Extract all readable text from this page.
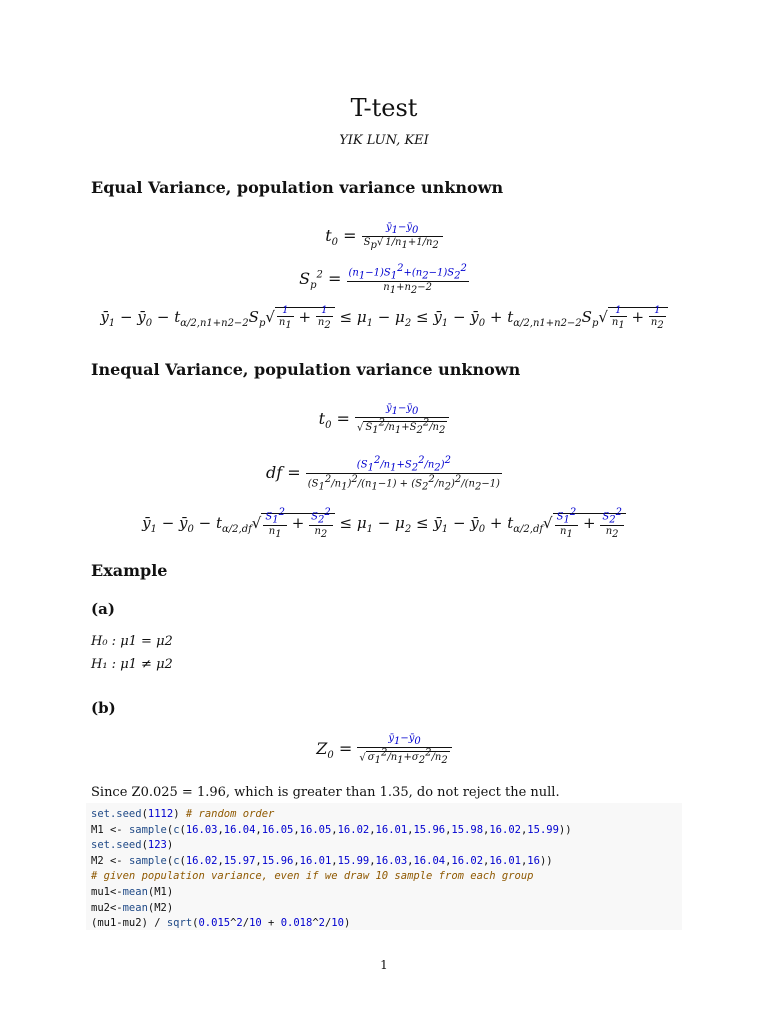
T-test
YIK LUN, KEI
Equal Variance, population variance unknown
$t_0 = \frac{ȳ_1-ȳ_0}{S_p√ 1/n_1+1/n_2}$
$S_p^2 = \frac{(n_1-1)S_1^2+(n_2-1)S_2^2}{n_1+n_2-2}$
$ȳ_1$ − $ȳ_0 - t_{\alpha/2,n1+n2-2}S_p√ \frac{1}{n_1} + \frac{1}{n_2} \le \mu_1 - \mu_2$ ≤ $ȳ_1$ − $ȳ_0 + t_{\alpha/2,n1+n2-2}S_p√ \frac{1}{n_1} + \frac{1}{n_2}$
Inequal Variance, population variance unknown
$t_0 = \frac{ȳ_1-ȳ_0}{√ S_1^2/n_1+S_2^2/n_2}$
df = $\frac{(S_1^2/n_1+S_2^2/n_2)^2}{(S_1^2/n_1)^2/(n_1-1) + (S_2^2/n_2)^2/(n_2-1)}$
$ȳ_1$ − $ȳ_0 - t_{\alpha/2,df}√ \frac{S_1^2}{n_1} + \frac{S_2^2}{n_2} \le \mu_1 - \mu_2$ ≤ $ȳ_1$ − $ȳ_0 + t_{\alpha/2,df}√ \frac{S_1^2}{n_1} + \frac{S_2^2}{n_2}$
Example
(a)
H₀ : μ1 = μ2
H₁ : μ1 ≠ μ2
(b)
$Z_0 = \frac{ȳ_1-ȳ_0}{√ \sigma_1^2/n_1+\sigma_2^2/n_2}$
Since Z0.025 = 1.96, which is greater than 1.35, do not reject the null.
set.seed(1112) # random order
M1 <- sample(c(16.03,16.04,16.05,16.05,16.02,16.01,15.96,15.98,16.02,15.99))
set.seed(123)
M2 <- sample(c(16.02,15.97,15.96,16.01,15.99,16.03,16.04,16.02,16.01,16))
# given population variance, even if we draw 10 sample from each group
mu1<-mean(M1)
mu2<-mean(M2)
(mu1-mu2) / sqrt(0.015^2/10 + 0.018^2/10)
1
